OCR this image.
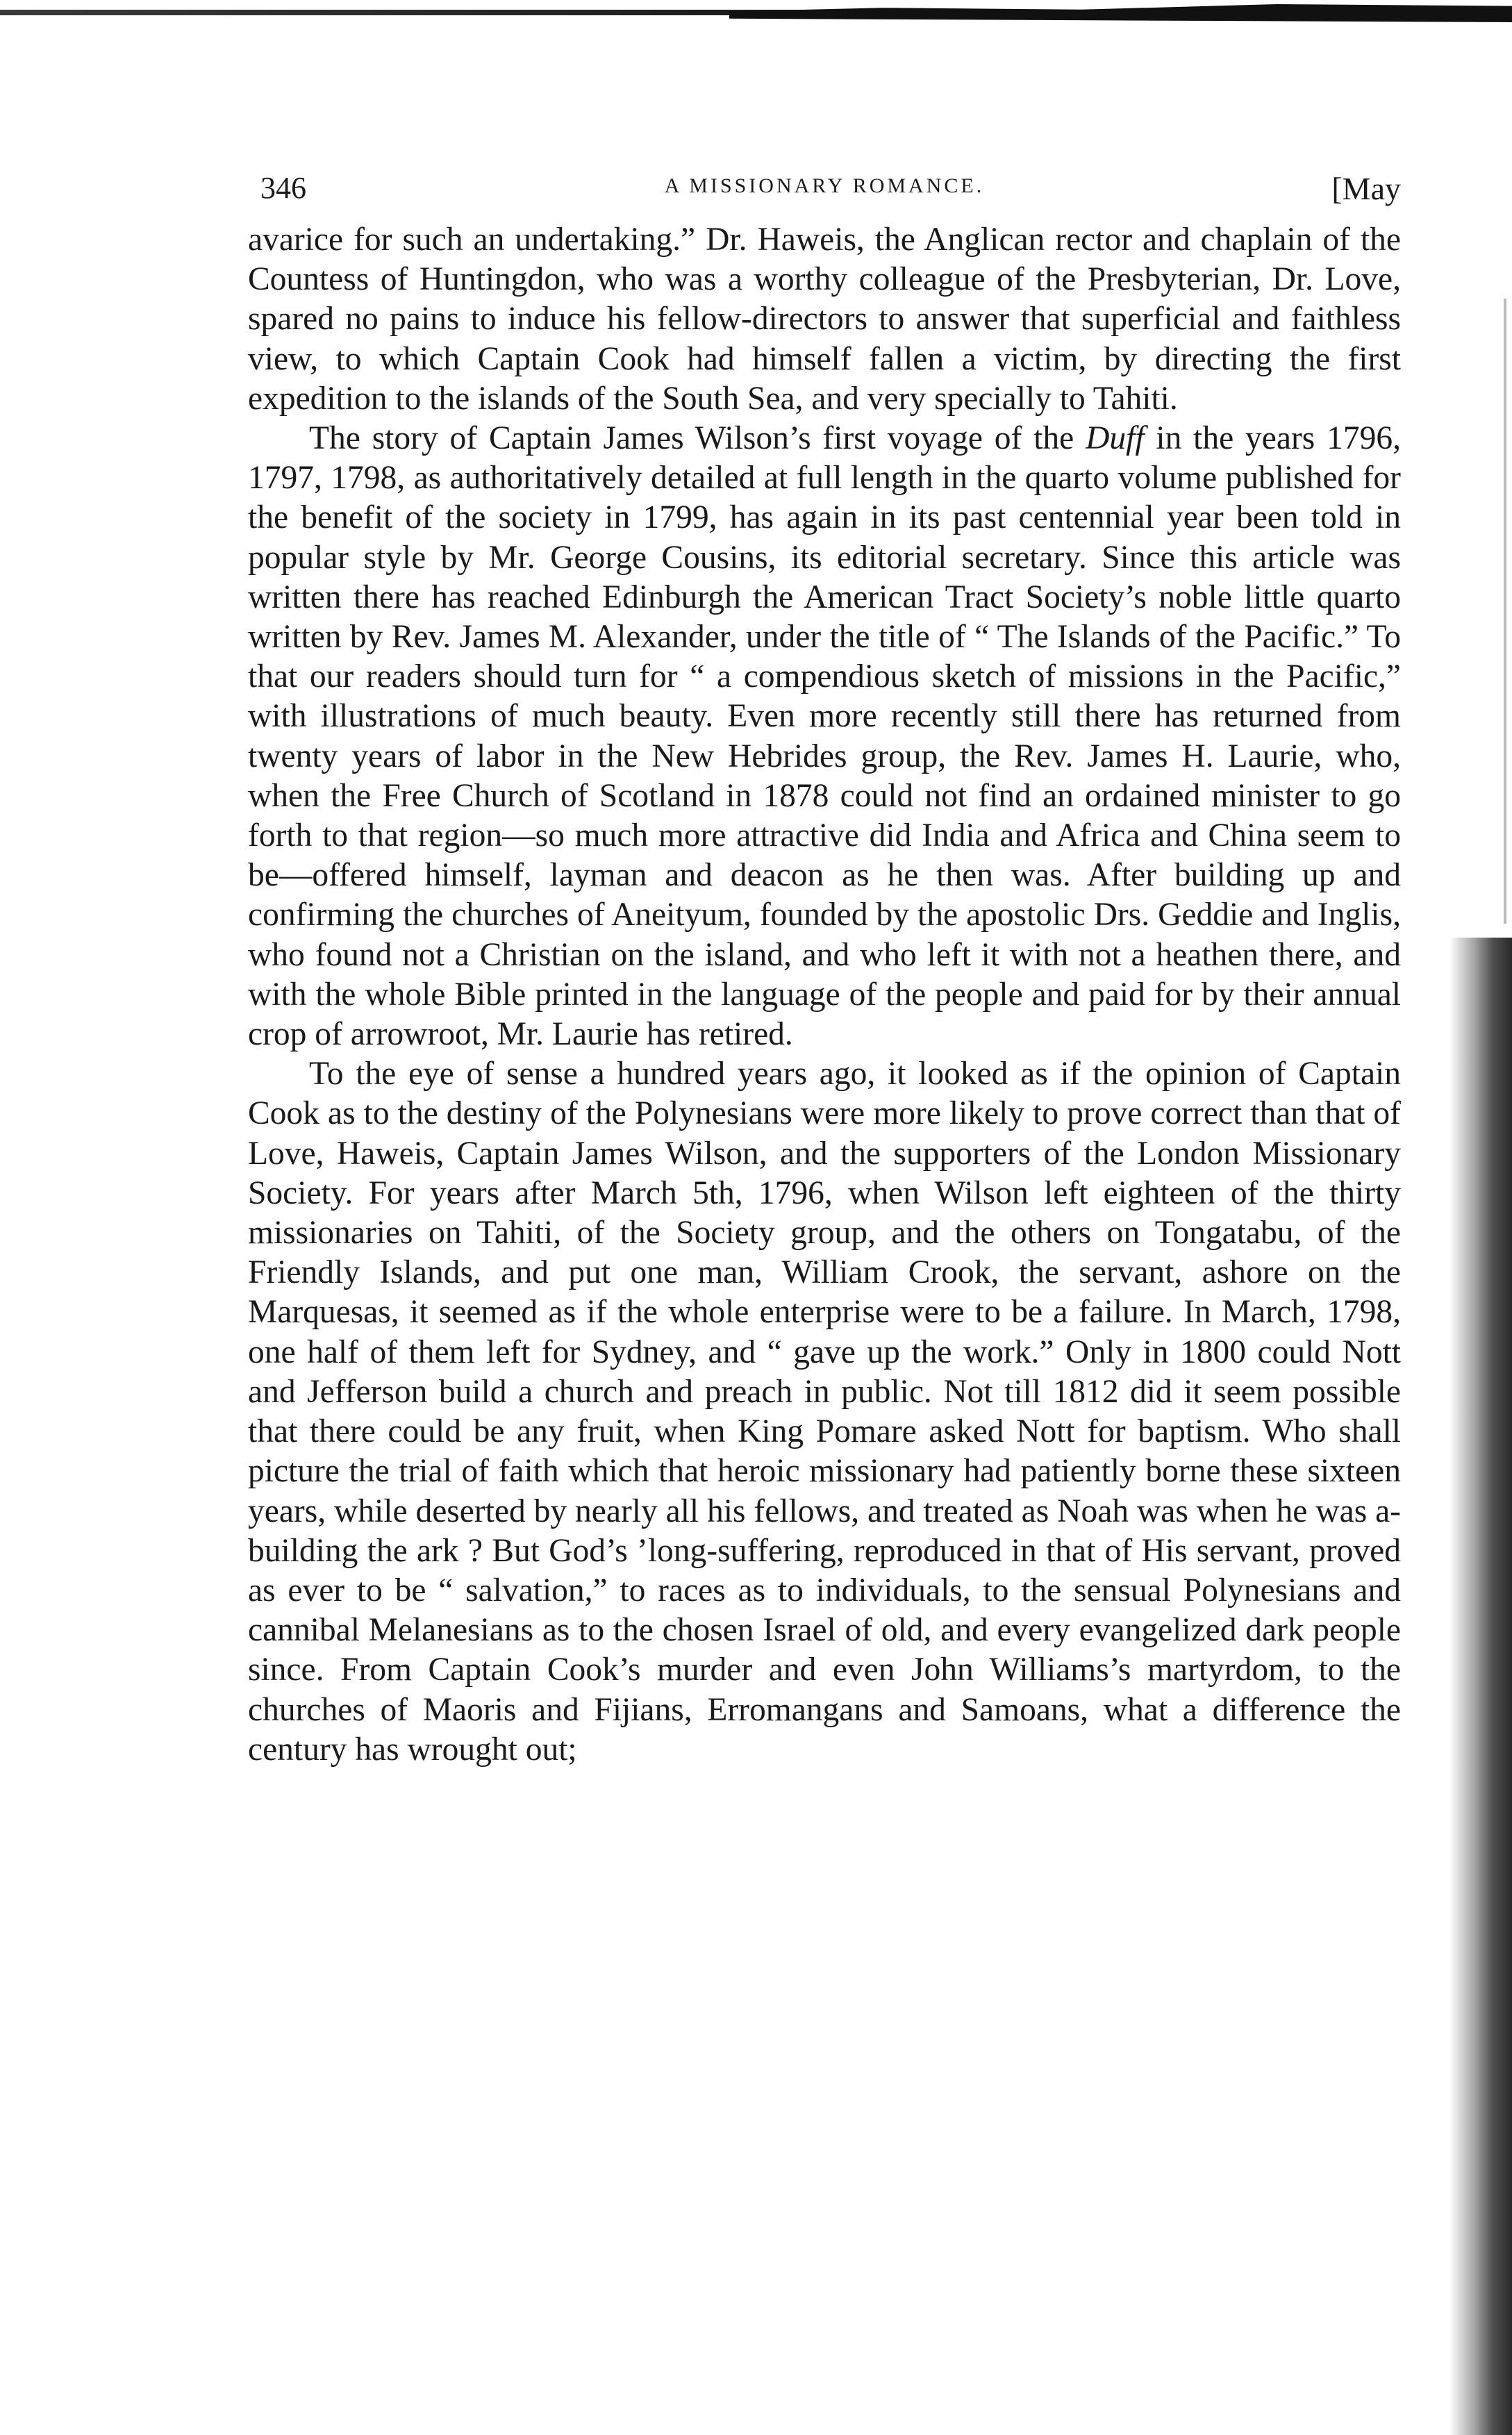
346	A MISSIONARY ROMANCE.	[May

avarice for such an undertaking.” Dr. Haweis, the Anglican rector and chaplain of the Countess of Huntingdon, who was a worthy colleague of the Presbyterian, Dr. Love, spared no pains to induce his fellow-directors to answer that superficial and faithless view, to which Captain Cook had himself fallen a victim, by directing the first expedition to the islands of the South Sea, and very specially to Tahiti.

The story of Captain James Wilson’s first voyage of the Duff in the years 1796, 1797, 1798, as authoritatively detailed at full length in the quarto volume published for the benefit of the society in 1799, has again in its past centennial year been told in popular style by Mr. George Cousins, its editorial secretary. Since this article was written there has reached Edinburgh the American Tract Society’s noble little quarto written by Rev. James M. Alexander, under the title of “ The Islands of the Pacific.” To that our readers should turn for “ a compendious sketch of missions in the Pacific,” with illustrations of much beauty. Even more recently still there has returned from twenty years of labor in the New Hebrides group, the Rev. James H. Laurie, who, when the Free Church of Scotland in 1878 could not find an ordained minister to go forth to that region—so much more attractive did India and Africa and China seem to be—offered himself, layman and deacon as he then was. After building up and confirming the churches of Aneityum, founded by the apostolic Drs. Geddie and Inglis, who found not a Christian on the island, and who left it with not a heathen there, and with the whole Bible printed in the language of the people and paid for by their annual crop of arrowroot, Mr. Laurie has retired.

To the eye of sense a hundred years ago, it looked as if the opinion of Captain Cook as to the destiny of the Polynesians were more likely to prove correct than that of Love, Haweis, Captain James Wilson, and the supporters of the London Missionary Society. For years after March 5th, 1796, when Wilson left eighteen of the thirty missionaries on Tahiti, of the Society group, and the others on Tongatabu, of the Friendly Islands, and put one man, William Crook, the servant, ashore on the Marquesas, it seemed as if the whole enterprise were to be a failure. In March, 1798, one half of them left for Sydney, and “ gave up the work.” Only in 1800 could Nott and Jefferson build a church and preach in public. Not till 1812 did it seem possible that there could be any fruit, when King Pomare asked Nott for baptism. Who shall picture the trial of faith which that heroic missionary had patiently borne these sixteen years, while deserted by nearly all his fellows, and treated as Noah was when he was a-building the ark ? But God’s ’long-suffering, reproduced in that of His servant, proved as ever to be “ salvation,” to races as to individuals, to the sensual Polynesians and cannibal Melanesians as to the chosen Israel of old, and every evangelized dark people since. From Captain Cook’s murder and even John Williams’s martyrdom, to the churches of Maoris and Fijians, Erromangans and Samoans, what a difference the century has wrought out;
